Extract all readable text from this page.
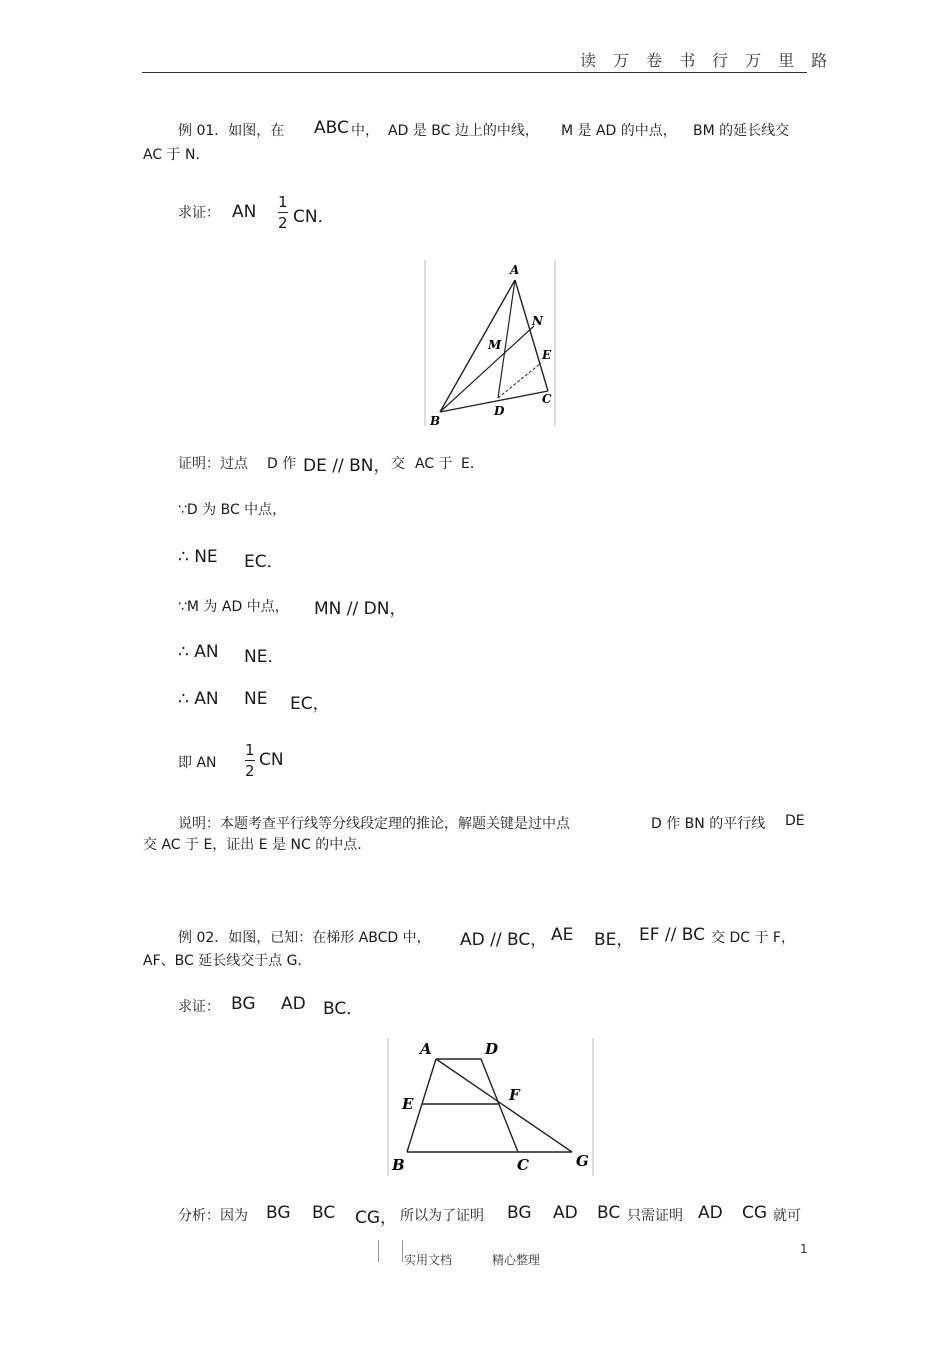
读 万 卷 书 行 万 里 路
例 01．如图，在 ABC 中， AD 是 BC 边上的中线， M 是 AD 的中点， BM 的延长线交
AC 于 N．
求证： AN 1
2 CN．
A
N
M
E
B
D
C
证明：过点 D 作 DE // BN， 交 AC 于 E．
∵D 为 BC 中点，
∴ NE EC．
∵M 为 AD 中点， MN // DN，
∴ AN NE．
∴ AN NE EC，
即 AN
1
2
CN
说明：本题考查平行线等分线段定理的推论，解题关键是过中点	D 作 BN 的平行线 DE
交 AC 于 E，证出 E 是 NC 的中点．
例 02．如图，已知：在梯形 ABCD 中， AD // BC， AE BE， EF // BC 交 DC 于 F，
AF、BC 延长线交于点 G．
求证： BG AD BC．
A	D
E	F
B	C	G
分析：因为 BG BC CG， 所以为了证明 BG AD BC 只需证明 AD CG 就可
实用文档	精心整理
1
